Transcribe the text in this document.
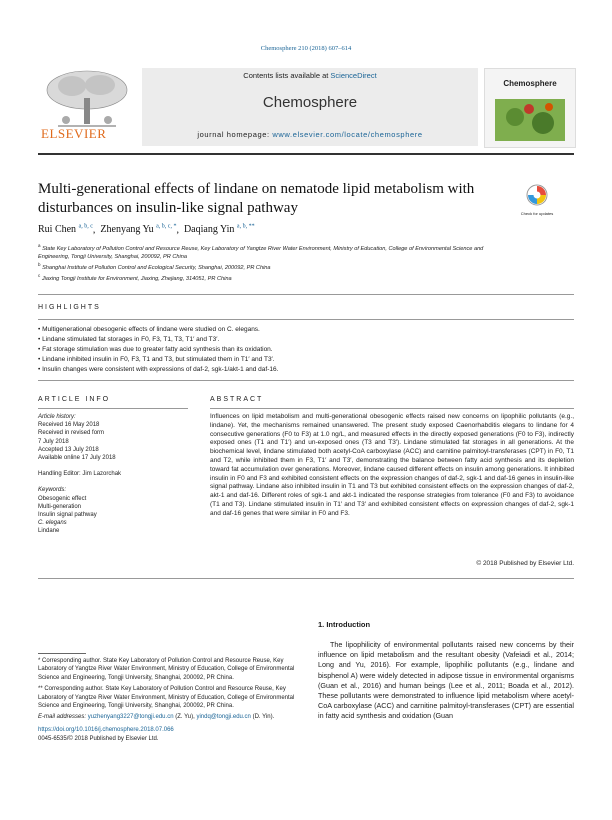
Chemosphere 210 (2018) 607–614
ELSEVIER
Contents lists available at ScienceDirect
Chemosphere
journal homepage: www.elsevier.com/locate/chemosphere
Chemosphere
Multi-generational effects of lindane on nematode lipid metabolism with disturbances on insulin-like signal pathway	Check for updates
Rui Chen $^{a, b, c}$,  Zhenyang Yu $^{a, b, c, *}$,  Daqiang Yin $^{a, b, **}$
$^a$ State Key Laboratory of Pollution Control and Resource Reuse, Key Laboratory of Yangtze River Water Environment, Ministry of Education, College of Environmental Science and Engineering, Tongji University, Shanghai, 200092, PR China
$^b$ Shanghai Institute of Pollution Control and Ecological Security, Shanghai, 200092, PR China
$^c$ Jiaxing Tongji Institute for Environment, Jiaxing, Zhejiang, 314051, PR China
HIGHLIGHTS
• Multigenerational obesogenic effects of lindane were studied on C. elegans.
• Lindane stimulated fat storages in F0, F3, T1, T3, T1′ and T3′.
• Fat storage stimulation was due to greater fatty acid synthesis than its oxidation.
• Lindane inhibited insulin in F0, F3, T1 and T3, but stimulated them in T1′ and T3′.
• Insulin changes were consistent with expressions of daf-2, sgk-1/akt-1 and daf-16.
ARTICLE INFO	ABSTRACT
Article history:
Received 16 May 2018
Received in revised form
7 July 2018
Accepted 13 July 2018
Available online 17 July 2018
Handling Editor: Jim Lazorchak
Keywords:
Obesogenic effect
Multi-generation
Insulin signal pathway
C. elegans
Lindane
Influences on lipid metabolism and multi-generational obesogenic effects raised new concerns on lipophilic pollutants (e.g., lindane). Yet, the mechanisms remained unanswered. The present study exposed Caenorhabditis elegans to lindane for 4 consecutive generations (F0 to F3) at 1.0 ng/L, and measured effects in the directly exposed generations (F0 to F3), indirectly exposed ones (T1 and T1′) and un-exposed ones (T3 and T3′). Lindane stimulated fat storages in all generations. At the biochemical level, lindane stimulated both acetyl-CoA carboxylase (ACC) and carnitine palmitoyl-transferases (CPT) in F0, T1 and T2, while inhibited them in F3, T1′ and T3′, demonstrating the balance between fatty acid synthesis and its depletion toward fat accumulation over generations. Moreover, lindane caused different effects on insulin among generations. It inhibited insulin in F0 and F3 and exhibited consistent effects on the expression changes of daf-2, sgk-1 and daf-16 genes in insulin-like signal pathway. Lindane also inhibited insulin in T1 and T3 but exhibited consistent effects on the expression changes of daf-2, akt-1 and daf-16. Different roles of sgk-1 and akt-1 indicated the response strategies from tolerance (F0 and F3) to avoidance (T1 and T3). Lindane stimulated insulin in T1′ and T3′ and exhibited consistent effects on expression changes of daf-2, sgk-1 and daf-16 genes that were similar in F0 and F3.
© 2018 Published by Elsevier Ltd.
1. Introduction
The lipophilicity of environmental pollutants raised new concerns by their influence on lipid metabolism and the resultant obesity (Vafeiadi et al., 2014; Long and Yu, 2016). For example, lipophilic pollutants (e.g., lindane and bisphenol A) were widely detected in adipose tissue in environmental organisms (Guan et al., 2016) and human beings (Lee et al., 2011; Boada et al., 2012). These pollutants were demonstrated to influence lipid metabolism where acetyl-CoA carboxylase (ACC) and carnitine palmitoyl-transferases (CPT) are essential in fatty acid synthesis and oxidation (Guan

* Corresponding author. State Key Laboratory of Pollution Control and Resource Reuse, Key Laboratory of Yangtze River Water Environment, Ministry of Education, College of Environmental Science and Engineering, Tongji University, Shanghai, 200092, PR China.

** Corresponding author. State Key Laboratory of Pollution Control and Resource Reuse, Key Laboratory of Yangtze River Water Environment, Ministry of Education, College of Environmental Science and Engineering, Tongji University, Shanghai, 200092, PR China.

E-mail addresses: yuzhenyang3227@tongji.edu.cn (Z. Yu), yindq@tongji.edu.cn (D. Yin).

https://doi.org/10.1016/j.chemosphere.2018.07.066
0045-6535/© 2018 Published by Elsevier Ltd.
